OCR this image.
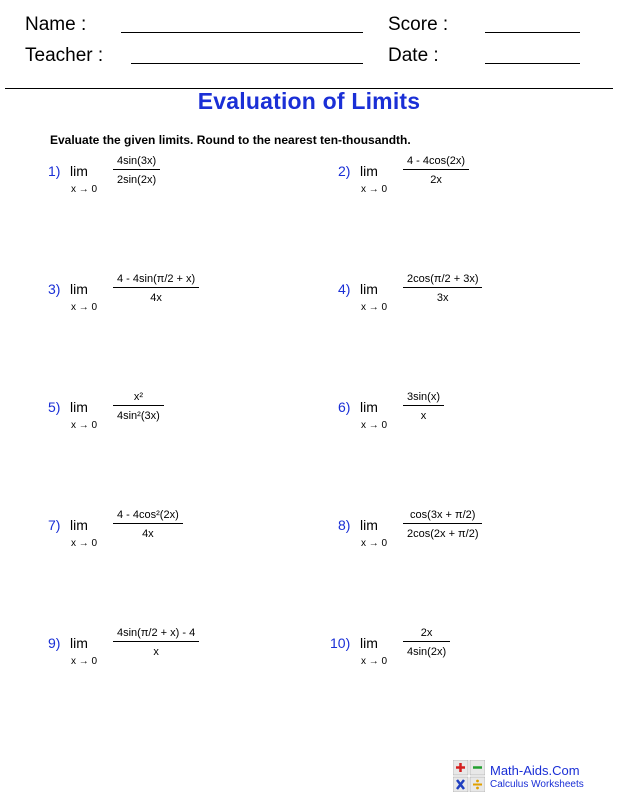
Name :	Score :
Teacher :	Date :
Evaluation of Limits
Evaluate the given limits. Round to the nearest ten-thousandth.
1) lim
x → 0
$\frac{4\sin(3x)}{2\sin(2x)}$	2) lim
x → 0
$\frac{4 - 4\cos(2x)}{2x}$
3) lim
x → 0
$\frac{4 - 4\sin(\pi/2 + x)}{4x}$	4) lim
x → 0
$\frac{2\cos(\pi/2 + 3x)}{3x}$
5) lim
x → 0
$\frac{\text{x²}}{\text{4sin²(3x)}}$	6) lim
x → 0
$\frac{3\sin(x)}{x}$
7) lim
x → 0
$\frac{\text{4 - 4cos²(2x)}}{4x}$	8) lim
x → 0
$\frac{\cos(3x + \pi/2)}{2\cos(2x + \pi/2)}$
9) lim
x → 0
$\frac{4\sin(\pi/2 + x) - 4}{x}$	10) lim
x → 0
$\frac{2x}{4\sin(2x)}$
Math-Aids.Com
Calculus Worksheets
